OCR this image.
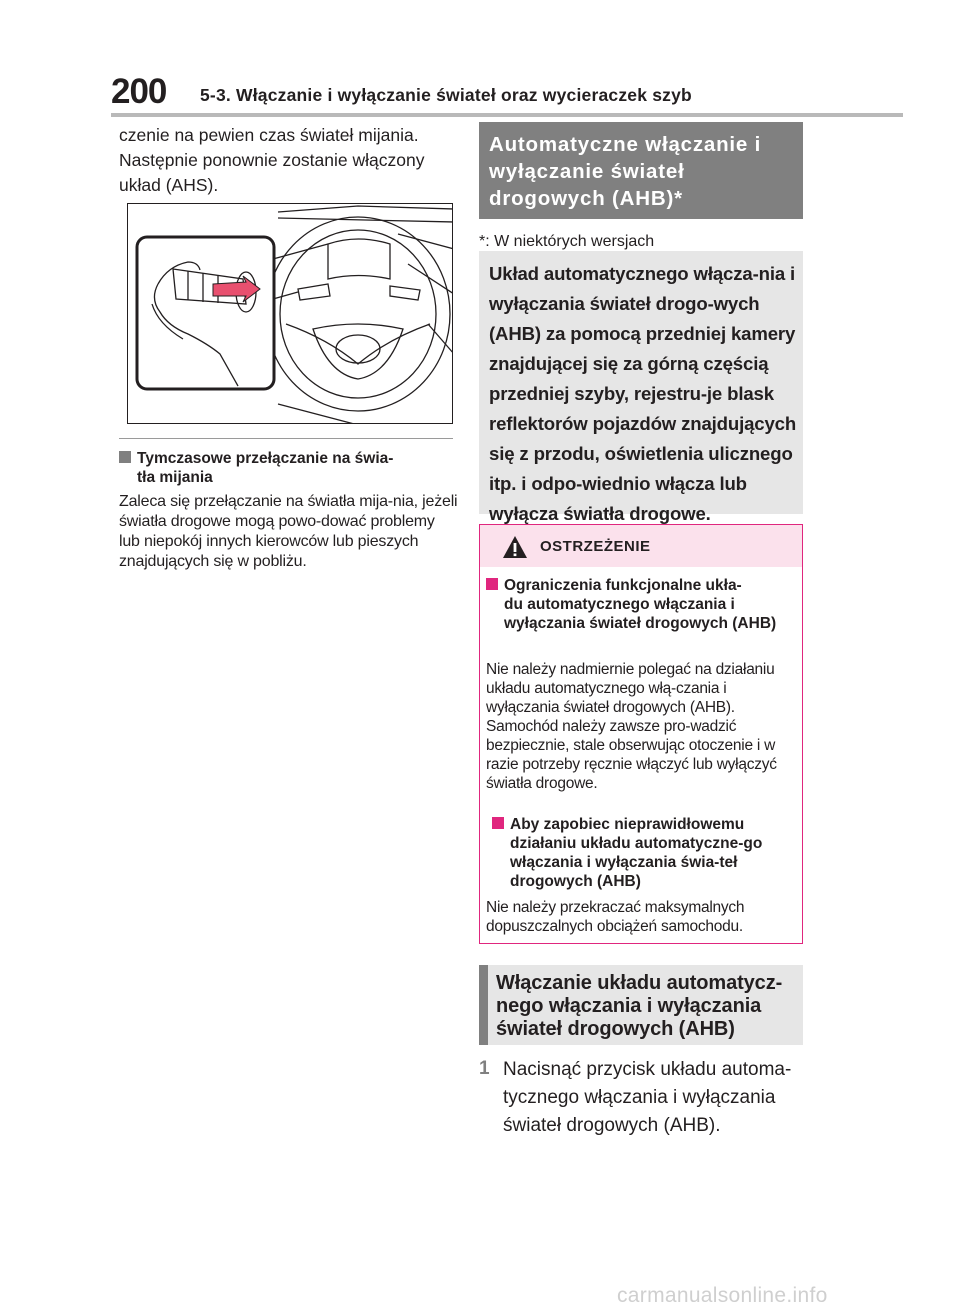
200 5-3. Włączanie i wyłączanie świateł oraz wycieraczek szyb
czenie na pewien czas świateł mijania. Następnie ponownie zostanie włączony układ (AHS).
Tymczasowe przełączanie na świa-
tła mijania
Zaleca się przełączanie na światła mija-nia, jeżeli światła drogowe mogą powo-dować problemy lub niepokój innych kierowców lub pieszych znajdujących się w pobliżu.
Automatyczne włączanie i wyłączanie świateł drogowych (AHB)*
*: W niektórych wersjach
Układ automatycznego włącza-nia i wyłączania świateł drogo-wych (AHB) za pomocą przedniej kamery znajdującej się za górną częścią przedniej szyby, rejestru-je blask reflektorów pojazdów znajdujących się z przodu, oświetlenia ulicznego itp. i odpo-wiednio włącza lub wyłącza światła drogowe.
OSTRZEŻENIE
Ograniczenia funkcjonalne ukła-
du automatycznego włączania i wyłączania świateł drogowych (AHB)
Nie należy nadmiernie polegać na działaniu układu automatycznego włą-czania i wyłączania świateł drogowych (AHB). Samochód należy zawsze pro-wadzić bezpiecznie, stale obserwując otoczenie i w razie potrzeby ręcznie włączyć lub wyłączyć światła drogowe.
Aby zapobiec nieprawidłowemu
działaniu układu automatyczne-go włączania i wyłączania świa-teł drogowych (AHB)
Nie należy przekraczać maksymalnych dopuszczalnych obciążeń samochodu.
Włączanie układu automatycz-nego włączania i wyłączania świateł drogowych (AHB)
1 Nacisnąć przycisk układu automa-tycznego włączania i wyłączania świateł drogowych (AHB).
carmanualsonline.info
